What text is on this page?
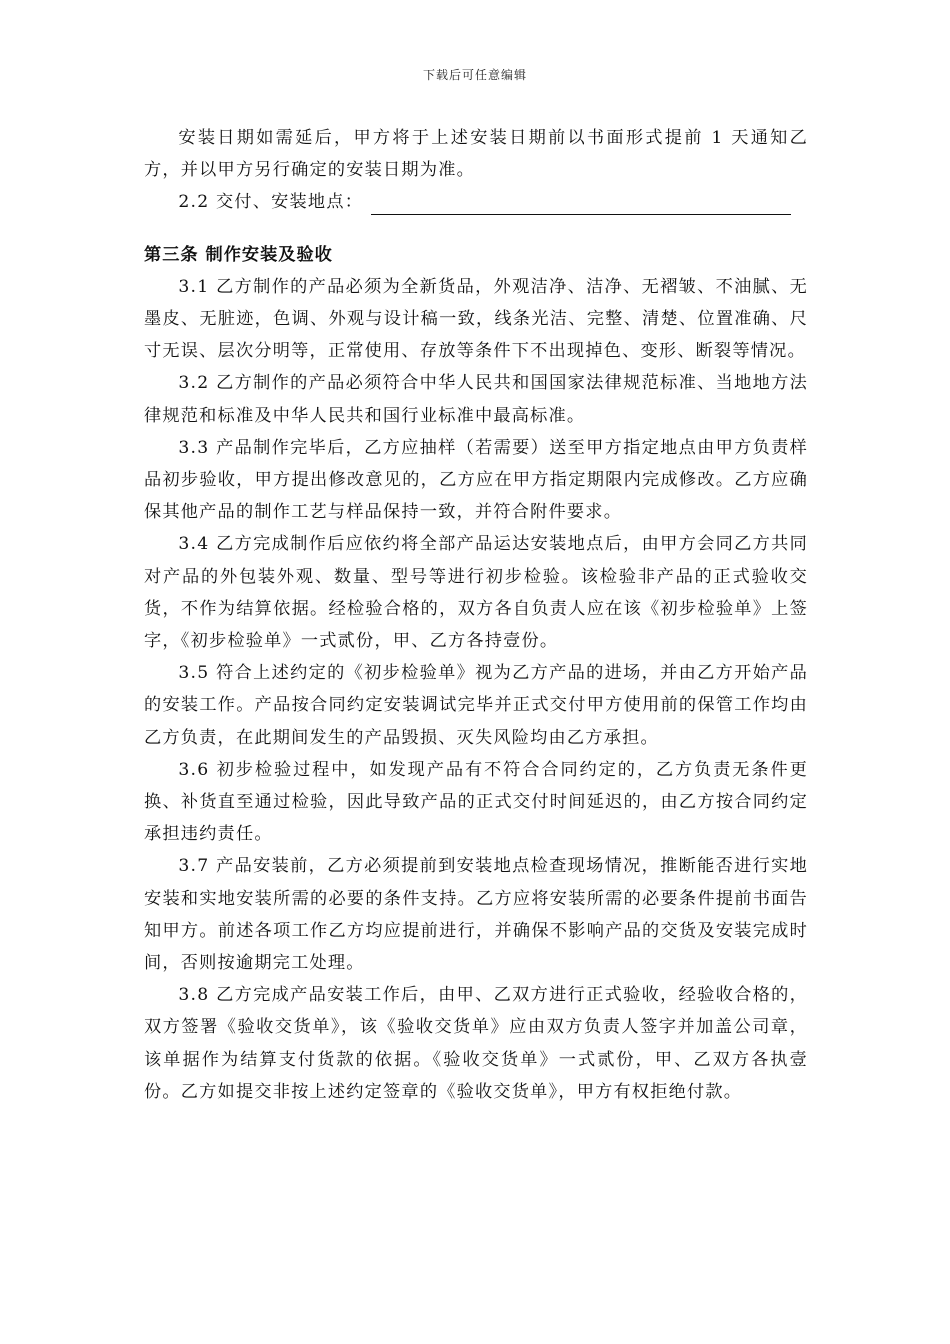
下载后可任意编辑

安装日期如需延后，甲方将于上述安装日期前以书面形式提前 1 天通知乙方，并以甲方另行确定的安装日期为准。

2.2 交付、安装地点：
第三条 制作安装及验收

3.1 乙方制作的产品必须为全新货品，外观洁净、洁净、无褶皱、不油腻、无墨皮、无脏迹，色调、外观与设计稿一致，线条光洁、完整、清楚、位置准确、尺寸无误、层次分明等，正常使用、存放等条件下不出现掉色、变形、断裂等情况。

3.2 乙方制作的产品必须符合中华人民共和国国家法律规范标准、当地地方法律规范和标准及中华人民共和国行业标准中最高标准。

3.3 产品制作完毕后，乙方应抽样（若需要）送至甲方指定地点由甲方负责样品初步验收，甲方提出修改意见的，乙方应在甲方指定期限内完成修改。乙方应确保其他产品的制作工艺与样品保持一致，并符合附件要求。

3.4 乙方完成制作后应依约将全部产品运达安装地点后，由甲方会同乙方共同对产品的外包装外观、数量、型号等进行初步检验。该检验非产品的正式验收交货，不作为结算依据。经检验合格的，双方各自负责人应在该《初步检验单》上签字，《初步检验单》一式贰份，甲、乙方各持壹份。

3.5 符合上述约定的《初步检验单》视为乙方产品的进场，并由乙方开始产品的安装工作。产品按合同约定安装调试完毕并正式交付甲方使用前的保管工作均由乙方负责，在此期间发生的产品毁损、灭失风险均由乙方承担。

3.6 初步检验过程中，如发现产品有不符合合同约定的，乙方负责无条件更换、补货直至通过检验，因此导致产品的正式交付时间延迟的，由乙方按合同约定承担违约责任。

3.7 产品安装前，乙方必须提前到安装地点检查现场情况，推断能否进行实地安装和实地安装所需的必要的条件支持。乙方应将安装所需的必要条件提前书面告知甲方。前述各项工作乙方均应提前进行，并确保不影响产品的交货及安装完成时间，否则按逾期完工处理。

3.8 乙方完成产品安装工作后，由甲、乙双方进行正式验收，经验收合格的，双方签署《验收交货单》，该《验收交货单》应由双方负责人签字并加盖公司章，该单据作为结算支付货款的依据。《验收交货单》一式贰份，甲、乙双方各执壹份。乙方如提交非按上述约定签章的《验收交货单》，甲方有权拒绝付款。
